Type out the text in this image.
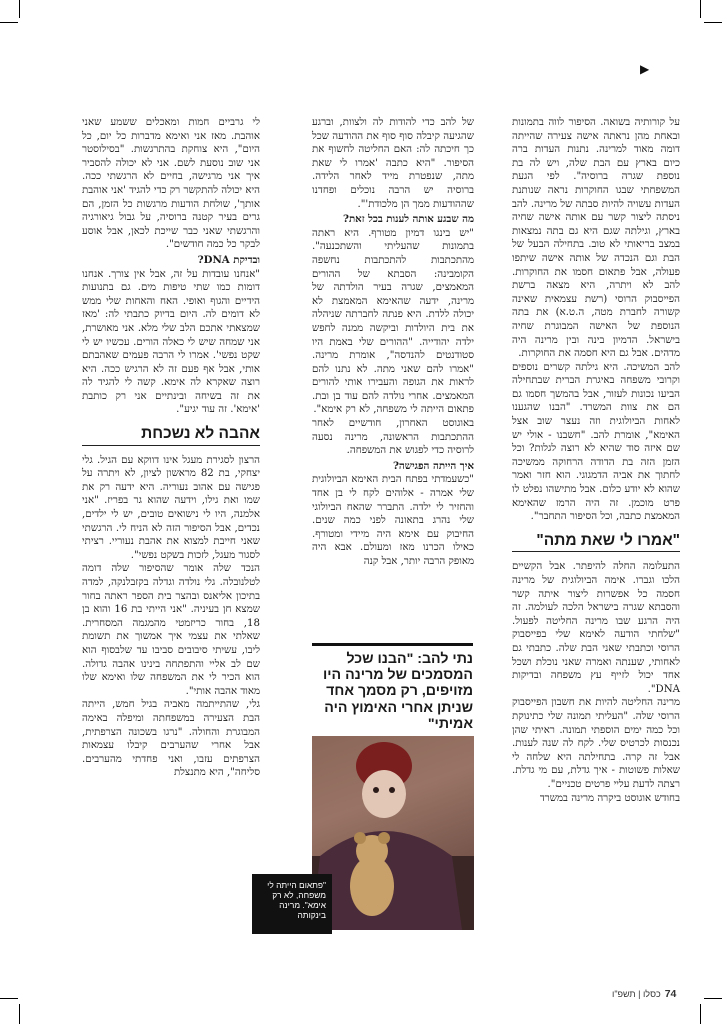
▶

על קורותיה בשואה. הסיפור לווה בתמונות ובאחת מהן נראתה אישה צעירה שהייתה דומה מאוד למרינה. נתנות העדות ברה כיום בארץ עם הבת שלה, ויש לה בת נוספת שגרה ברוסיה". לפי הגעת המשפחתי שבגו החוקרות נראה שנותנת העדות עשויה להיות סבתה של מרינה. להב ניסתה ליצור קשר עם אותה אישה שחיה בארץ, וגילתה שגם היא גם בתה נמצאות במצב בריאותי לא טוב. בתחילה הבעל של הבת וגם הנכדה של אותה אישה שיתפו פעולה, אבל פתאום חסמו את החוקרות. להב לא ויתרה, היא מצאה ברשת הפייסבוק הרוסי (רשת עצמאית שאינה קשורה לחברת מטה, ה.ט.א) את בתה הנוספת של האישה המבוגרת שחיה בישראל. הדמיון בינה ובין מרינה היה מדהים. אבל גם היא חסמה את החוקרות.

להב המשיכה. היא גילתה קשרים נוספים וקרובי משפחה באיגרת הברית שבתחילה הביעו נכונות לעזור, אבל בהמשך חסמו גם הם את צוות המשרד. "הבנו שהגענו לאחות הביולוגית וזה נעצר שוב אצל האימא", אומרת להב. "חשבנו - אולי יש שם איזה סוד שהיא לא רוצה לגלות? וכל הזמן הזה בת הדודה הרחוקה ממשיכה לחתוך את אביה הדמגוגי. הוא חזר ואמר שהוא לא יודע כלום. אבל מתישהו נפלט לו פרט מוכמן. זה היה הרמז שהאימא המאמצת כתבה, וכל הסיפור התחבר".

"אמרו לי שאת מתה"

התעלומה החלה להיפתר. אבל הקשיים הלכו וגברו. אימה הביולוגית של מרינה חסמה כל אפשרות ליצור איתה קשר והסבתא שגרה בישראל הלכה לעולמה. זה היה הרגע שבו מרינה החליטה לפעול. "שלחתי הודעה לאימא שלי בפייסבוק הרוסי וכתבתי שאני הבת שלה. כתבתי גם לאחותי, שענתה ואמרה שאני נוכלת ושכל אחד יכול לזייף עץ משפחה ובדיקות DNA".

מרינה החליטה להיות את חשבון הפייסבוק הרוסי שלה. "העליתי תמונה שלי כתינוקת וכל כמה ימים הוספתי תמונה. ראיתי שהן נכנסות לכרטיס שלי. לקח לה שנה לענות. אבל זה קרה. בתחילתה היא שלחה לי שאלות פשוטות - איך גדלת, עם מי גדלת. רצתה לדעת עליי פרטים טכניים".

בחודש אוגוסט ביקרה מרינה במשרד

של להב כדי להודות לה ולצוות, וברגע שהגיעה קיבלה סוף סוף את ההודעה שכל כך חיכתה לה: האם החליטה לחשוף את הסיפור. "היא כתבה 'אמרו לי שאת מתה, שנפטרת מייד לאחר הלידה. ברוסיה יש הרבה נוכלים ופחדנו שההודעות ממך הן מלכודת'".

מה שבגע אותה לענות בכל זאת?

"יש בינגו דמיון מטורף. היא ראתה בתמונות שהעליתי והשתכנעה". מהתכתבות להתכתבות נחשפה הקומבינה: הסבתא של ההורים המאמצים, שגרה בעיר הולדתה של מרינה, ידעה שהאימא המאמצת לא יכולה ללדת. היא פנתה לחברתה שניהלה את בית היולדות וביקשה ממנה לחפש ילדה יהודייה. "ההורים שלי באמת היו סטודנטים להנדסה", אומרת מרינה. "אמרו להם שאני מתה. לא נתנו להם לראות את הגופה והעבירו אותי להורים המאמצים. אחרי נולדה להם עוד בן ובת. פתאום הייתה לי משפחה, לא רק אימא".

באוגוסט האחרון, חודשיים לאחר ההתכתבות הראשונה, מרינה נסעה לרוסיה כדי לפגוש את המשפחה.

איך הייתה הפגישה?

"כשעמדתי בפתח הבית האימא הביולוגית שלי אמרה - אלוהים לקח לי בן אחד והחזיר לי ילדה. התברר שהאח הביולוגי שלי נהרג בתאונה לפני כמה שנים. החיבוק עם אימא היה מיידי ומטורף. כאילו הכרנו מאז ומעולם. אבא היה מאופק הרבה יותר, אבל קנה

נתי להב: "הבנו שכל המסמכים של מרינה היו מזויפים, רק מסמך אחד שניתן אחרי האימוץ היה אמיתי"
"פתאום הייתה לי משפחה, לא רק אימא". מרינה בינקותה

לי גרביים חמות ומאכלים ששמע שאני אוהבת. מאז אני ואימא מדברות כל יום, כל היום", היא צוחקת בהתרגשות. "בסילוסטר אני שוב נוסעת לשם. אני לא יכולה להסביר איך אני מרגישה, בחיים לא הרגשתי ככה. היא יכולה להתקשר רק כדי להגיד 'אני אוהבת אותך', שולחת הודעות מרגשות כל הזמן, הם גרים בעיר קטנה ברוסיה, על גבול גיאורגיה והרגשתי שאני כבר שייכת לכאן, אבל אוסע לבקר כל כמה חודשים".

ובדיקת DNA?

"אנחנו עובדות על זה, אבל אין צורך. אנחנו דומות כמו שתי טיפות מים. גם בתנועות הידיים והגוף ואופי. האח והאחות שלי ממש לא דומים לה. היום בדיוק כתבתי לה: 'מאז שמצאתי אתכם הלב שלי מלא. אני מאושרת, אני שמחה שיש לי כאלה הורים. עכשיו יש לי שקט נפשי'. אמרו לי הרבה פעמים שאהבתם אותי, אבל אף פעם זה לא הרגיש ככה. היא רוצה שאקרא לה אימא. קשה לי להגיד לה את זה בשיחה ובינתיים אני רק כותבת 'אימא'. זה עוד יגיע".

אהבה לא נשכחת

הרצון לסגירת מעגל אינו דווקא עם הגיל. גלי יצחקי, בת 82 מראשון לציון, לא ויתרה על פגישה עם אהוב נעוריה. היא ידעה רק את שמו ואת גילו, וידעה שהוא גר בפריז. "אני אלמנה, היו לי נישואים טובים, יש לי ילדים, נכדים, אבל הסיפור הזה לא הניח לי. הרגשתי שאני חייבת למצוא את אהבת נעוריי. רציתי לסגור מעגל, לזכות בשקט נפשי".

הנכד שלה אומר שהסיפור שלה דומה לטלנובלה. גלי נולדה וגדלה בקזבלנקה, למדה בתיכון אליאנס ובהצר בית הספר ראתה בחור שמצא חן בעיניה. "אני הייתי בת 16 והוא בן 18, בחור כריזמטי מהמגמה המסחרית. שאלתי את עצמי איך אמשוך את תשומת ליבו, עשיתי סיבובים סביבו עד שלבסוף הוא שם לב אליי והתפתחה בינינו אהבה גדולה. הוא הכיר לי את המשפחה שלו ואימא שלו מאוד אהבה אותי".

גלי, שהתייתמה מאביה בגיל חמש, הייתה הבת הצעירה במשפחתה ומיפלה באימה המבוגרת והחולה. "נרגו בשכונה הצרפתית, אבל אחרי שהערבים קיבלו עצמאות הצרפתים עזבו, ואני פחדתי מהערבים. סליחה", היא מתנצלת

74כסלו | תשפ"ו
